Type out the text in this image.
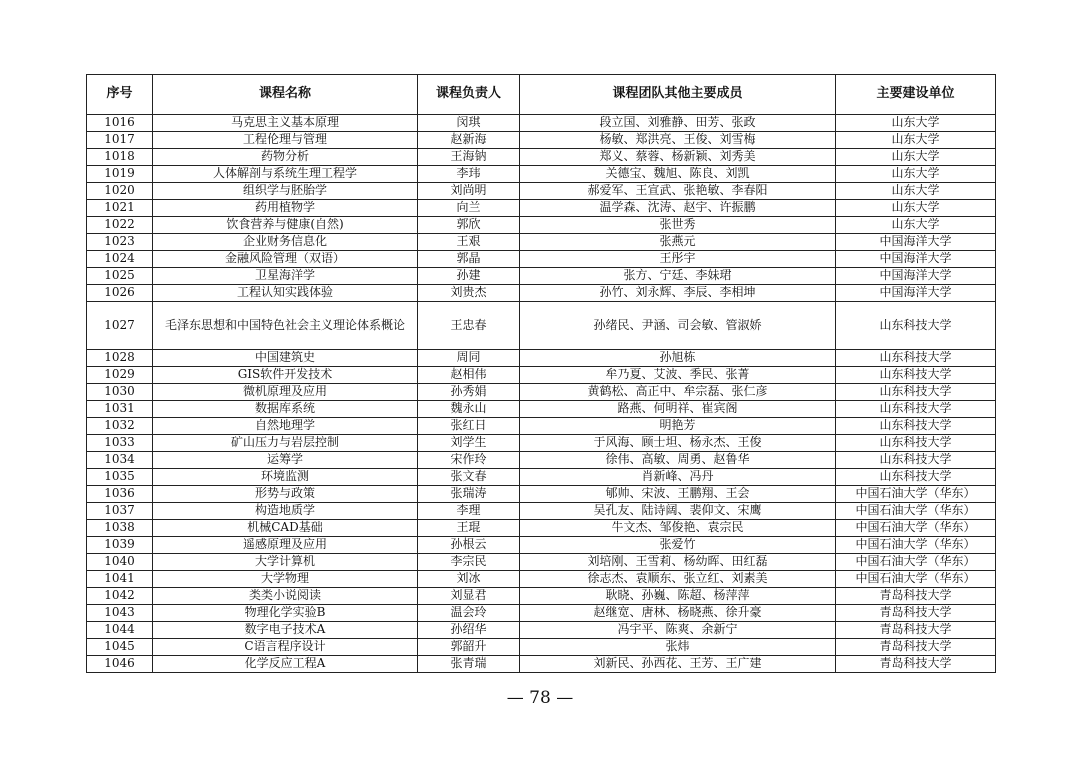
序号	课程名称	课程负责人	课程团队其他主要成员	主要建设单位
1016	马克思主义基本原理	闵琪	段立国、刘雅静、田芳、张政	山东大学
1017	工程伦理与管理	赵新海	杨敏、郑洪亮、王俊、刘雪梅	山东大学
1018	药物分析	王海钠	郑义、蔡蓉、杨新颖、刘秀美	山东大学
1019	人体解剖与系统生理工程学	李玮	关德宝、魏旭、陈良、刘凯	山东大学
1020	组织学与胚胎学	刘尚明	郝爱军、王宣武、张艳敏、李春阳	山东大学
1021	药用植物学	向兰	温学森、沈涛、赵宇、许振鹏	山东大学
1022	饮食营养与健康(自然)	郭欣	张世秀	山东大学
1023	企业财务信息化	王艰	张燕元	中国海洋大学
1024	金融风险管理（双语）	郭晶	王彤宇	中国海洋大学
1025	卫星海洋学	孙建	张方、宁廷、李妹珺	中国海洋大学
1026	工程认知实践体验	刘贵杰	孙竹、刘永辉、李辰、李相坤	中国海洋大学
1027	毛泽东思想和中国特色社会主义理论体系概论	王忠春	孙绪民、尹涵、司会敏、管淑娇	山东科技大学
1028	中国建筑史	周同	孙旭栋	山东科技大学
1029	GIS软件开发技术	赵相伟	牟乃夏、艾波、季民、张菁	山东科技大学
1030	微机原理及应用	孙秀娟	黄鹤松、高正中、牟宗磊、张仁彦	山东科技大学
1031	数据库系统	魏永山	路燕、何明祥、崔宾阁	山东科技大学
1032	自然地理学	张红日	明艳芳	山东科技大学
1033	矿山压力与岩层控制	刘学生	于风海、顾士坦、杨永杰、王俊	山东科技大学
1034	运筹学	宋作玲	徐伟、高敏、周勇、赵鲁华	山东科技大学
1035	环境监测	张文春	肖新峰、冯丹	山东科技大学
1036	形势与政策	张瑞涛	郇帅、宋波、王鹏翔、王会	中国石油大学（华东）
1037	构造地质学	李理	吴孔友、陆诗阔、裴仰文、宋鹰	中国石油大学（华东）
1038	机械CAD基础	王琨	牛文杰、邹俊艳、袁宗民	中国石油大学（华东）
1039	遥感原理及应用	孙根云	张爱竹	中国石油大学（华东）
1040	大学计算机	李宗民	刘培刚、王雪莉、杨幼晖、田红磊	中国石油大学（华东）
1041	大学物理	刘冰	徐志杰、袁顺东、张立红、刘素美	中国石油大学（华东）
1042	类类小说阅读	刘显君	耿晓、孙巍、陈超、杨萍萍	青岛科技大学
1043	物理化学实验B	温会玲	赵继宽、唐林、杨晓燕、徐升豪	青岛科技大学
1044	数字电子技术A	孙绍华	冯宇平、陈爽、余新宁	青岛科技大学
1045	C语言程序设计	郭韶升	张炜	青岛科技大学
1046	化学反应工程A	张青瑞	刘新民、孙西花、王芳、王广建	青岛科技大学
— 78 —
